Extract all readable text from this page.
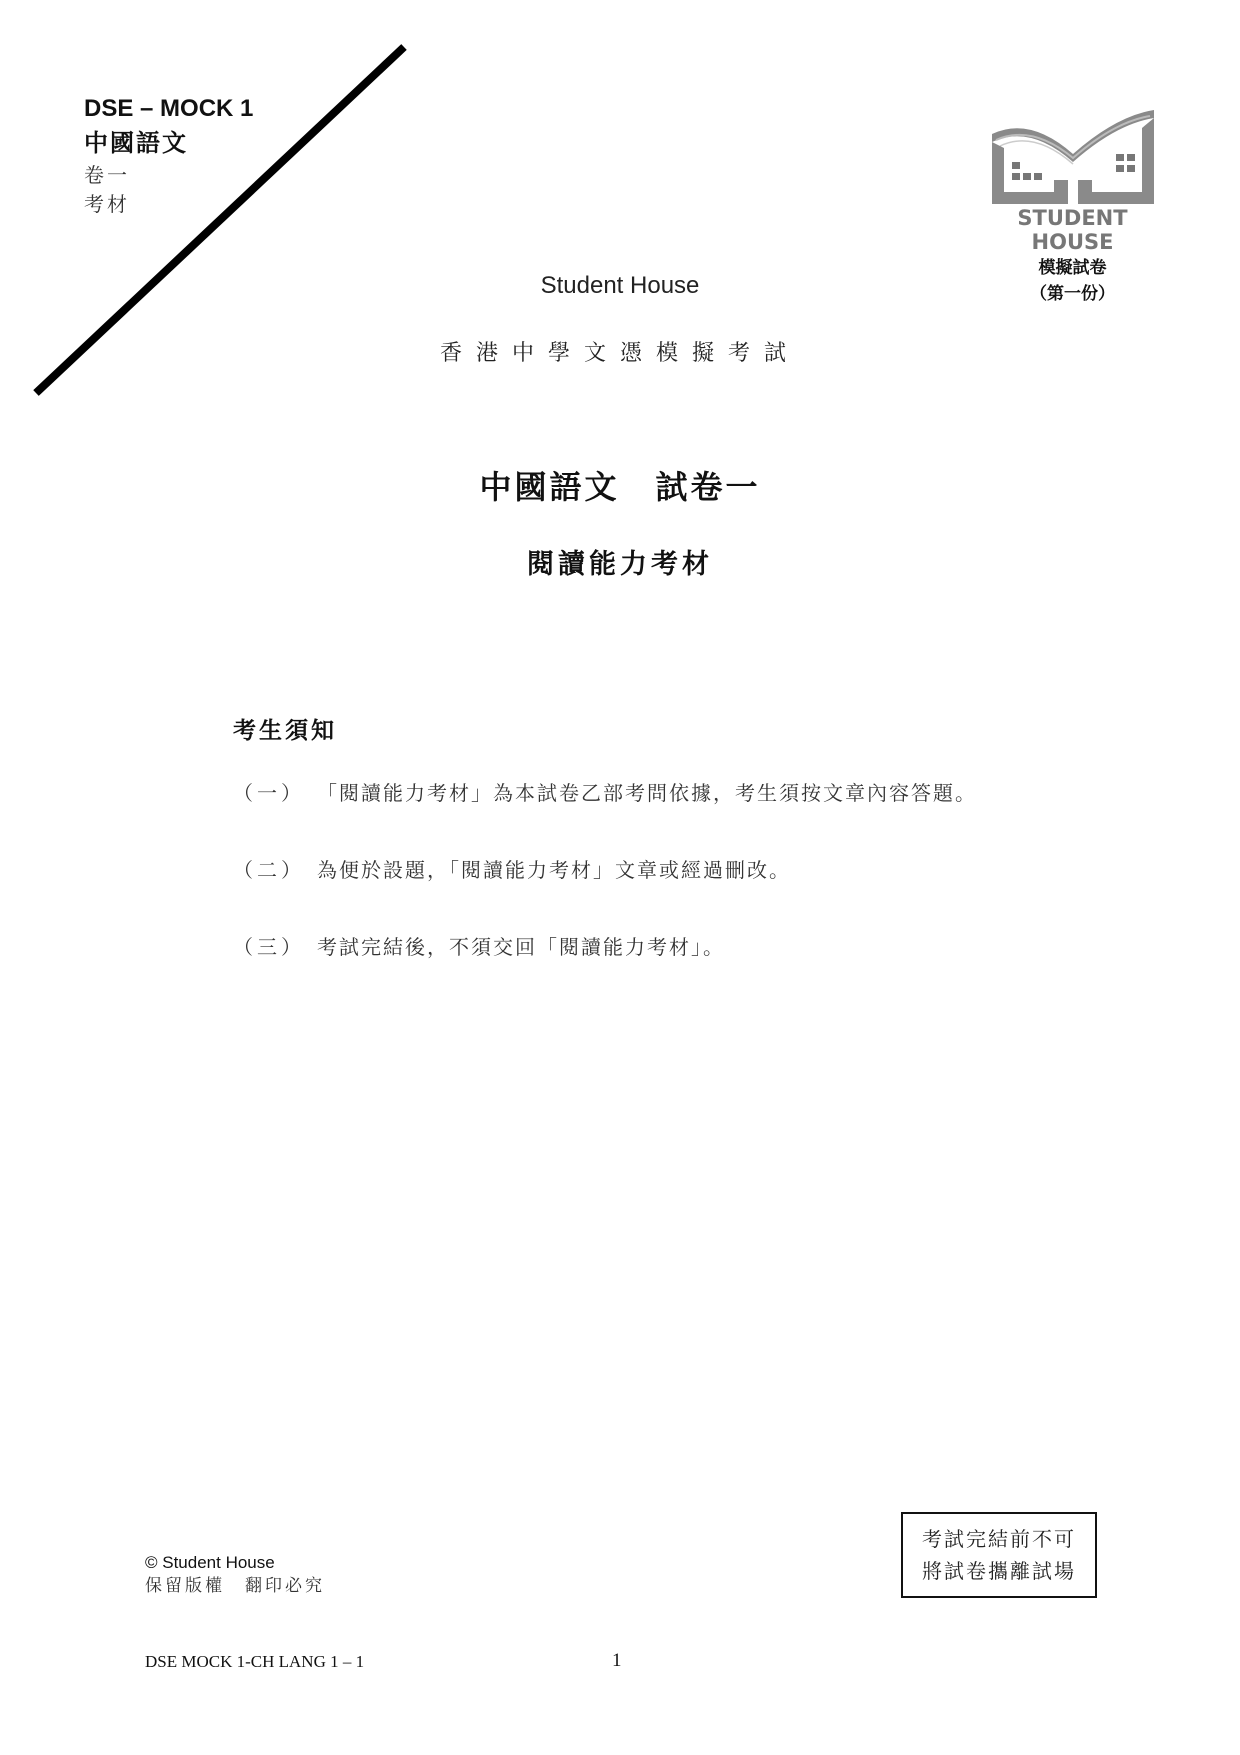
DSE – MOCK 1
中國語文
卷一
考材
STUDENT HOUSE
模擬試卷
（第一份）
Student House
香港中學文憑模擬考試
中國語文 試卷一
閱讀能力考材
考生須知
（一） 「閱讀能力考材」為本試卷乙部考問依據，考生須按文章內容答題。
（二） 為便於設題，「閱讀能力考材」文章或經過刪改。
（三） 考試完結後，不須交回「閱讀能力考材」。
© Student House
保留版權　翻印必究
考試完結前不可
將試卷攜離試場
DSE MOCK 1-CH LANG 1 – 1	1
